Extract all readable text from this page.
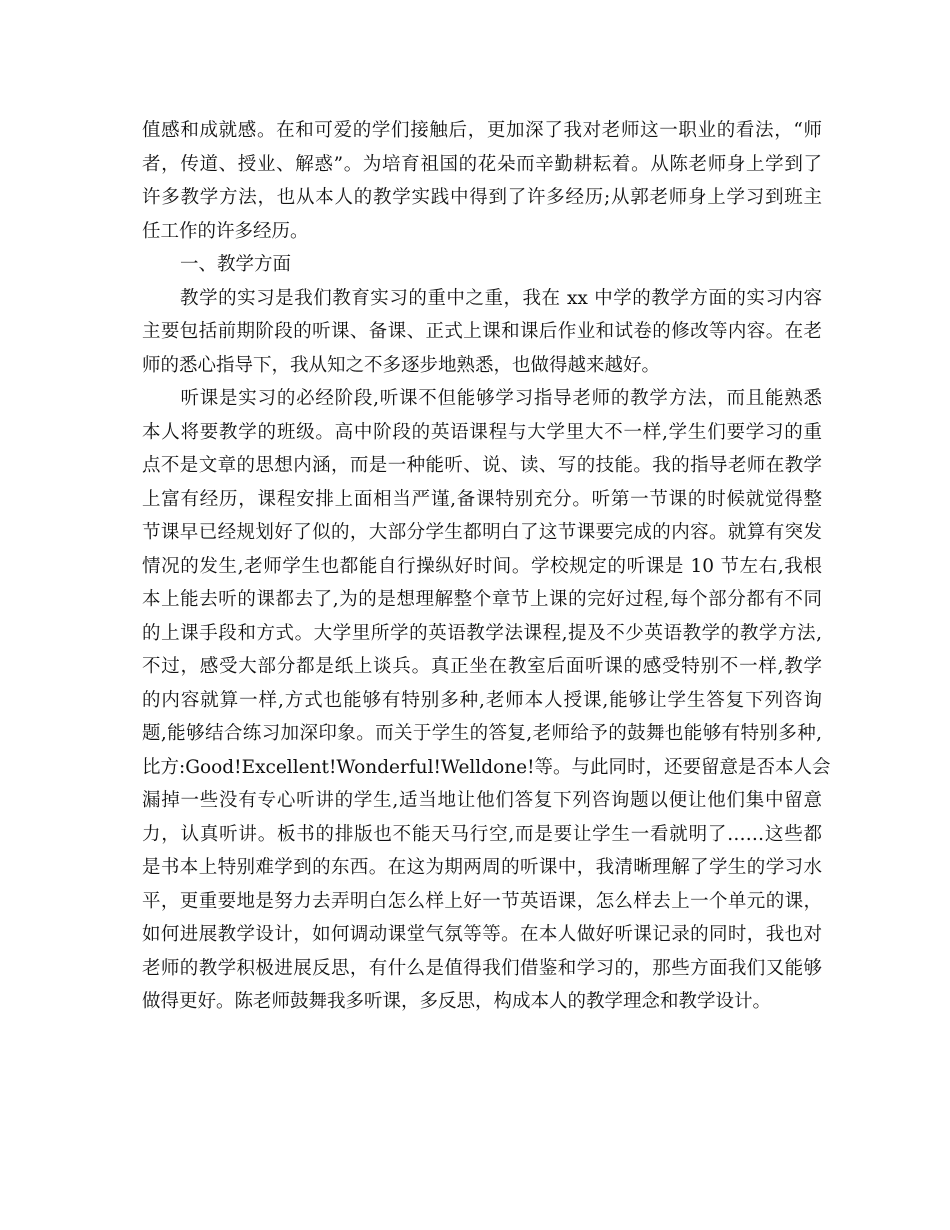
值感和成就感。在和可爱的学们接触后，更加深了我对老师这一职业的看法，“师
者，传道、授业、解惑”。为培育祖国的花朵而辛勤耕耘着。从陈老师身上学到了
许多教学方法，也从本人的教学实践中得到了许多经历;从郭老师身上学习到班主
任工作的许多经历。
一、教学方面
　　教学的实习是我们教育实习的重中之重，我在 xx 中学的教学方面的实习内容
主要包括前期阶段的听课、备课、正式上课和课后作业和试卷的修改等内容。在老
师的悉心指导下，我从知之不多逐步地熟悉，也做得越来越好。
　　听课是实习的必经阶段,听课不但能够学习指导老师的教学方法，而且能熟悉
本人将要教学的班级。高中阶段的英语课程与大学里大不一样,学生们要学习的重
点不是文章的思想内涵，而是一种能听、说、读、写的技能。我的指导老师在教学
上富有经历，课程安排上面相当严谨,备课特别充分。听第一节课的时候就觉得整
节课早已经规划好了似的，大部分学生都明白了这节课要完成的内容。就算有突发
情况的发生,老师学生也都能自行操纵好时间。学校规定的听课是 10 节左右,我根
本上能去听的课都去了,为的是想理解整个章节上课的完好过程,每个部分都有不同
的上课手段和方式。大学里所学的英语教学法课程,提及不少英语教学的教学方法,
不过，感受大部分都是纸上谈兵。真正坐在教室后面听课的感受特别不一样,教学
的内容就算一样,方式也能够有特别多种,老师本人授课,能够让学生答复下列咨询
题,能够结合练习加深印象。而关于学生的答复,老师给予的鼓舞也能够有特别多种,
比方:Good!Excellent!Wonderful!Welldone!等。与此同时，还要留意是否本人会
漏掉一些没有专心听讲的学生,适当地让他们答复下列咨询题以便让他们集中留意
力，认真听讲。板书的排版也不能天马行空,而是要让学生一看就明了……这些都
是书本上特别难学到的东西。在这为期两周的听课中，我清晰理解了学生的学习水
平，更重要地是努力去弄明白怎么样上好一节英语课，怎么样去上一个单元的课，
如何进展教学设计，如何调动课堂气氛等等。在本人做好听课记录的同时，我也对
老师的教学积极进展反思，有什么是值得我们借鉴和学习的，那些方面我们又能够
做得更好。陈老师鼓舞我多听课，多反思，构成本人的教学理念和教学设计。
